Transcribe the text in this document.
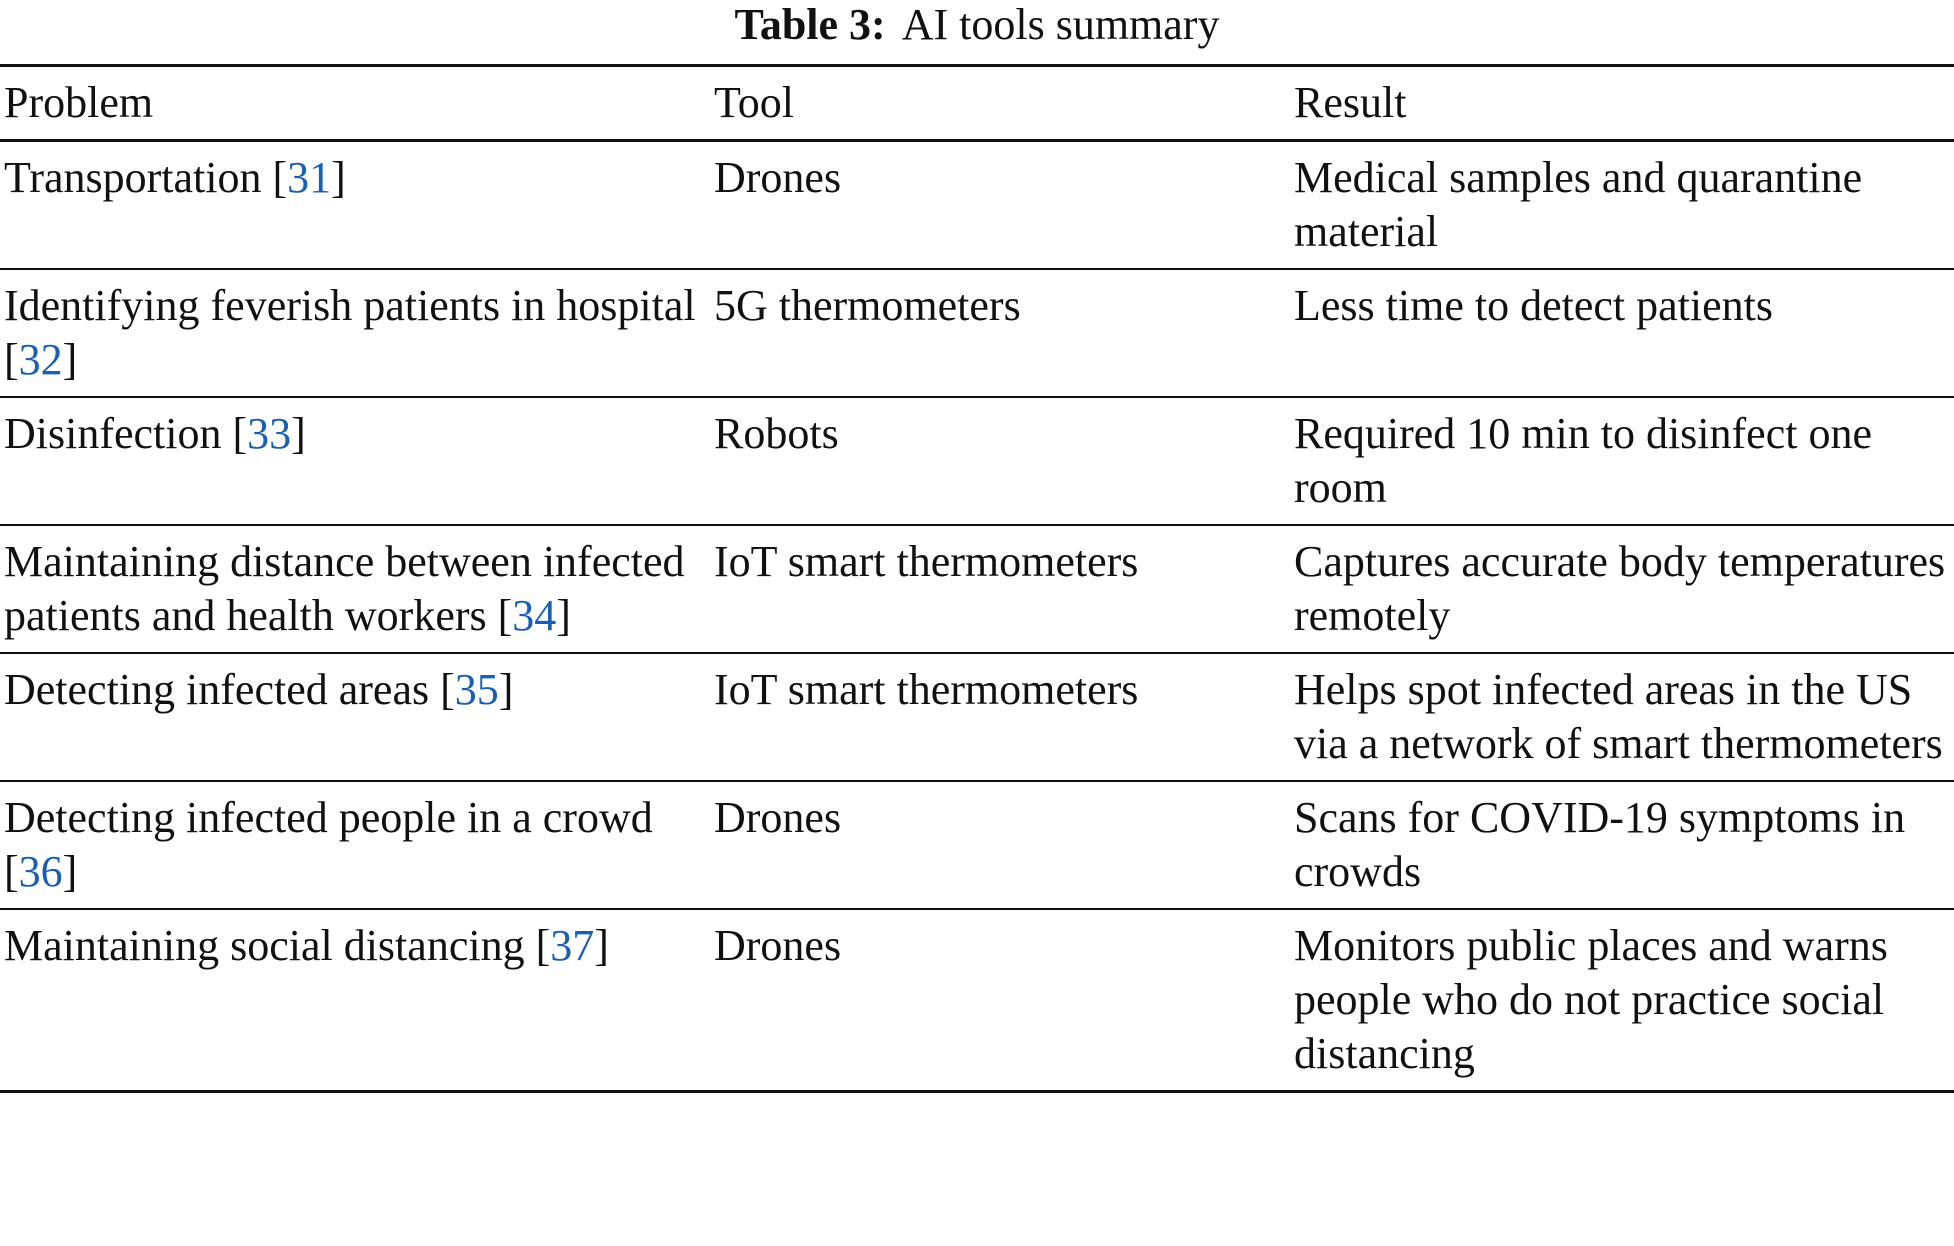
Table 3: AI tools summary
Problem	Tool	Result
Transportation [31]	Drones	Medical samples and quarantine material
Identifying feverish patients in hospital [32]	5G thermometers	Less time to detect patients
Disinfection [33]	Robots	Required 10 min to disinfect one room
Maintaining distance between infected patients and health workers [34]	IoT smart thermometers	Captures accurate body temperatures remotely
Detecting infected areas [35]	IoT smart thermometers	Helps spot infected areas in the US via a network of smart thermometers
Detecting infected people in a crowd [36]	Drones	Scans for COVID-19 symptoms in crowds
Maintaining social distancing [37]	Drones	Monitors public places and warns people who do not practice social distancing
